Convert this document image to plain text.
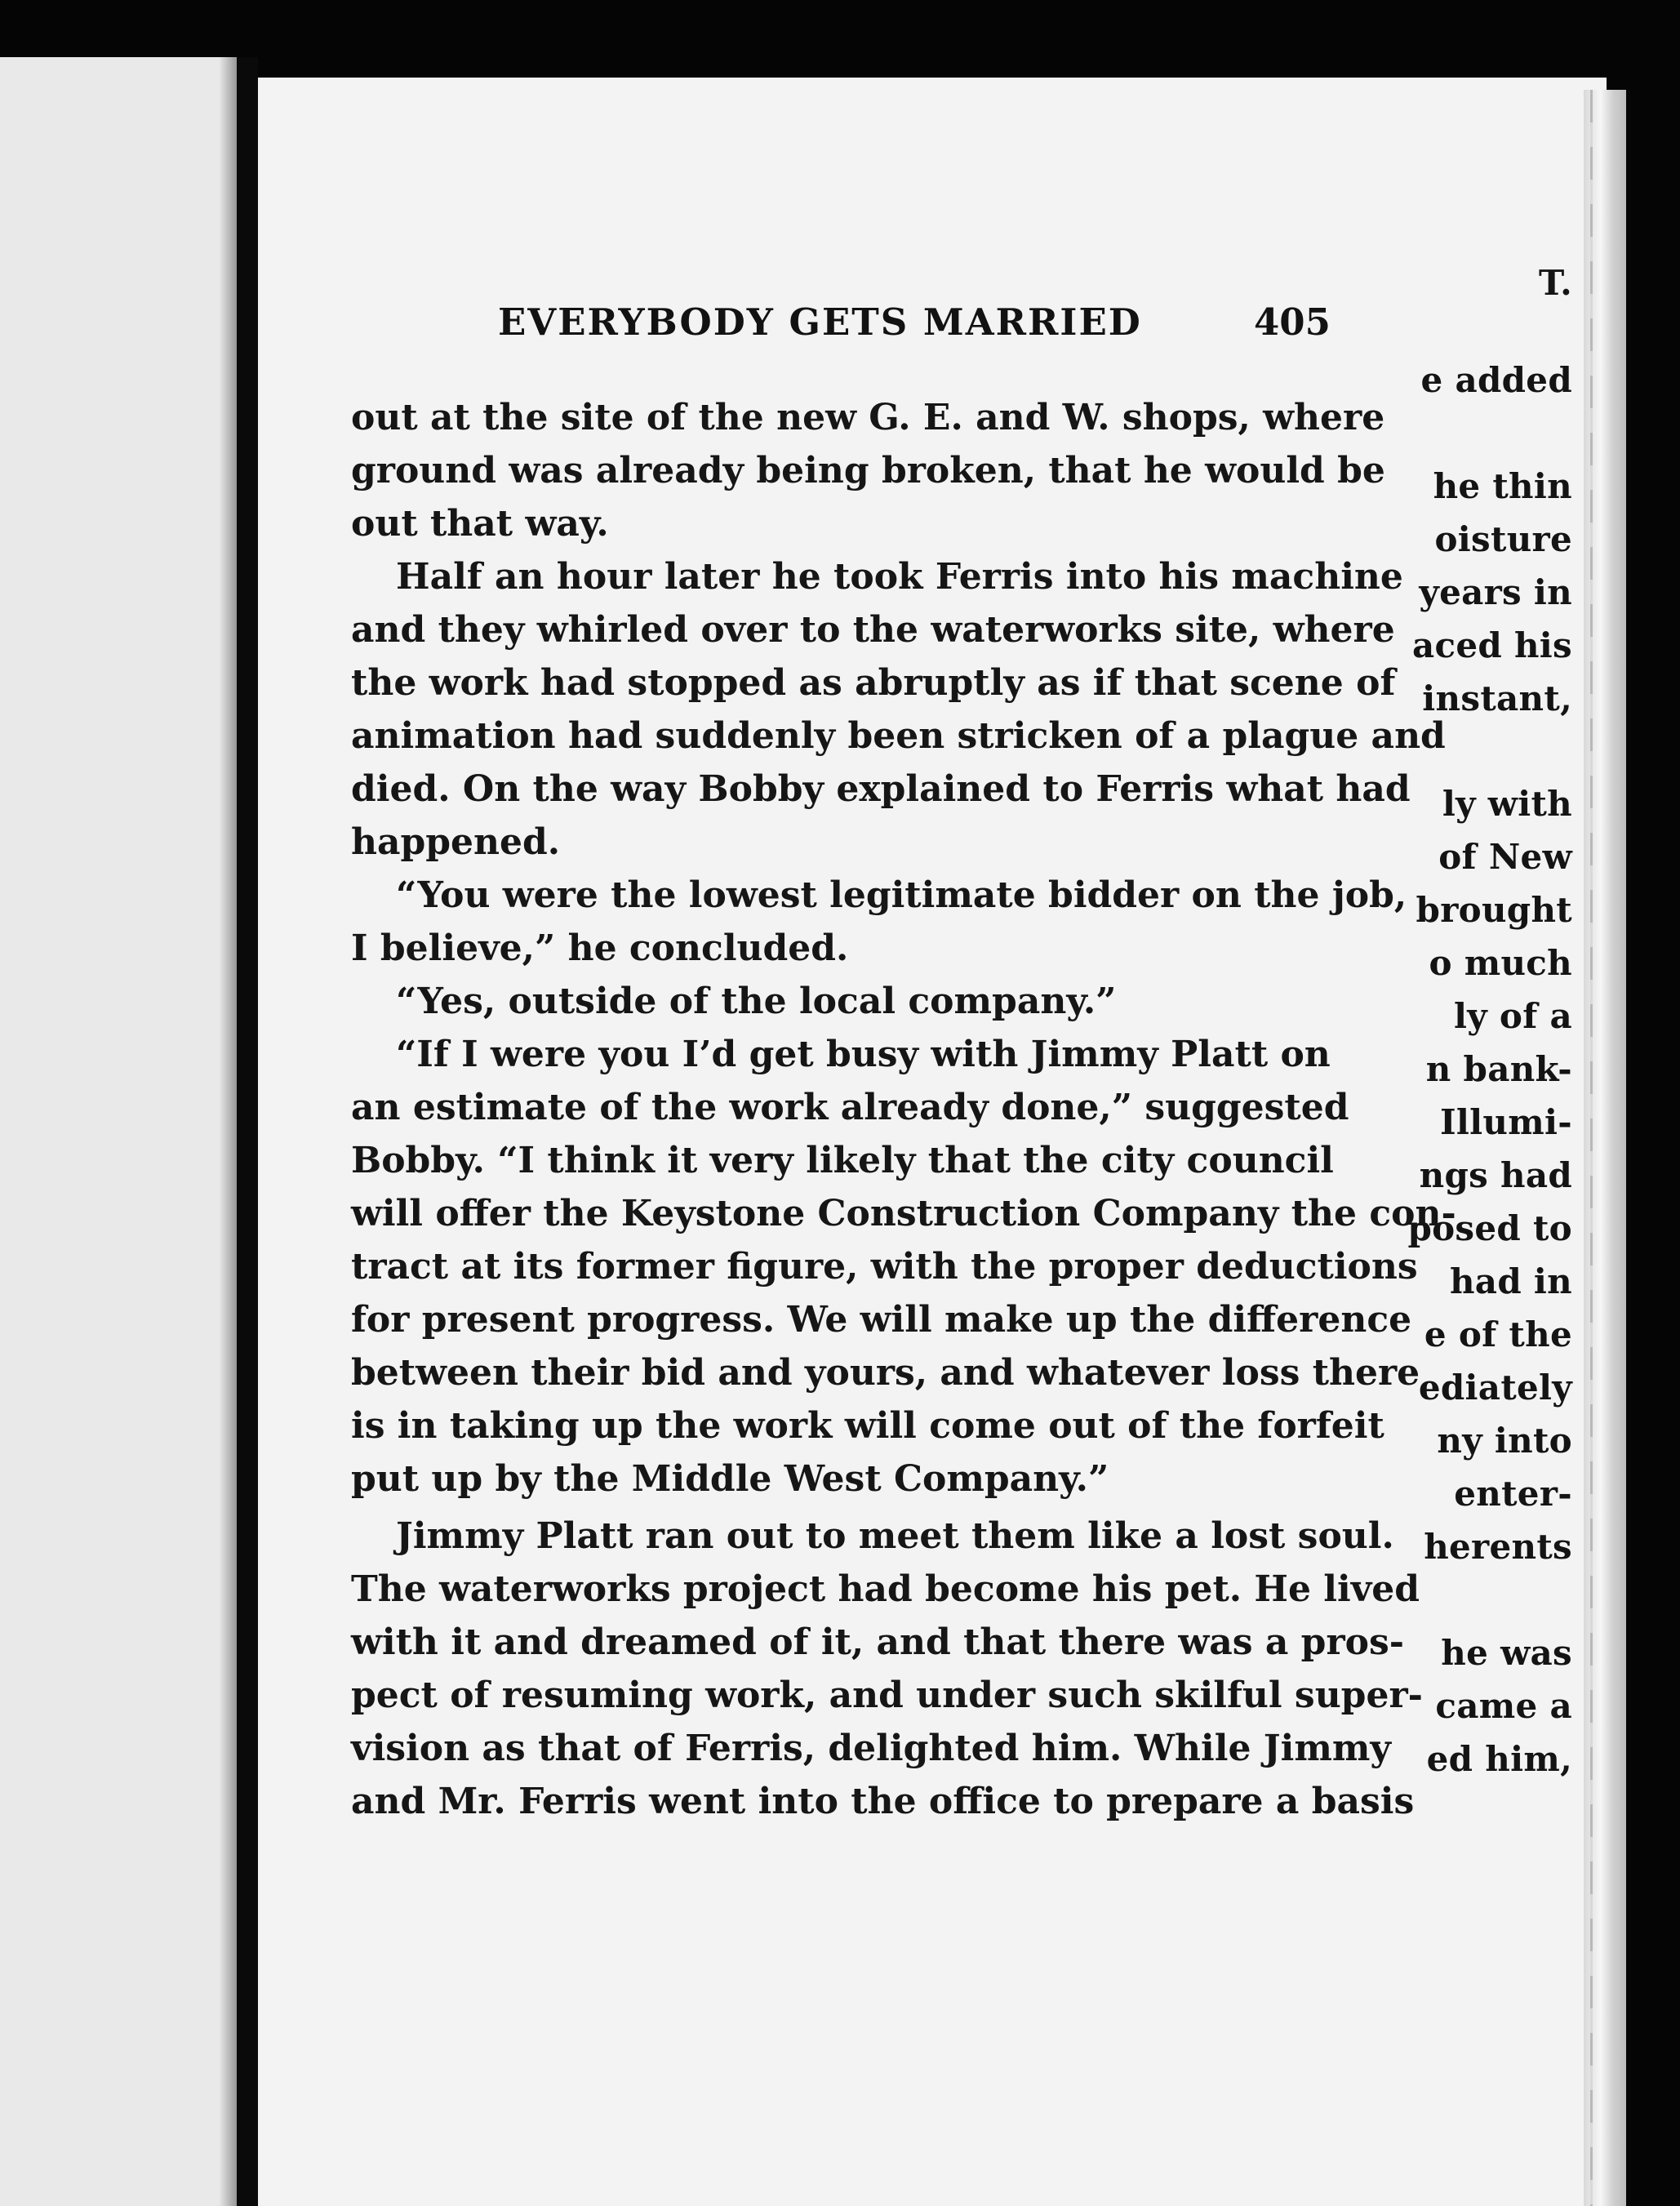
T.
e added
he thin
oisture
years in
aced his
instant,
ly with
of New
brought
o much
ly of a
n bank-
Illumi-
ngs had
posed to
had in
e of the
ediately
ny into
enter-
herents
he was
came a
ed him,
EVERYBODY GETS MARRIED	405
out at the site of the new G. E. and W. shops, where
ground was already being broken, that he would be
out that way.
Half an hour later he took Ferris into his machine
and they whirled over to the waterworks site, where
the work had stopped as abruptly as if that scene of
animation had suddenly been stricken of a plague and
died. On the way Bobby explained to Ferris what had
happened.
“You were the lowest legitimate bidder on the job,
I believe,” he concluded.
“Yes, outside of the local company.”
“If I were you I’d get busy with Jimmy Platt on
an estimate of the work already done,” suggested
Bobby. “I think it very likely that the city council
will offer the Keystone Construction Company the con-
tract at its former figure, with the proper deductions
for present progress. We will make up the difference
between their bid and yours, and whatever loss there
is in taking up the work will come out of the forfeit
put up by the Middle West Company.”
Jimmy Platt ran out to meet them like a lost soul.
The waterworks project had become his pet. He lived
with it and dreamed of it, and that there was a pros-
pect of resuming work, and under such skilful super-
vision as that of Ferris, delighted him. While Jimmy
and Mr. Ferris went into the office to prepare a basis
